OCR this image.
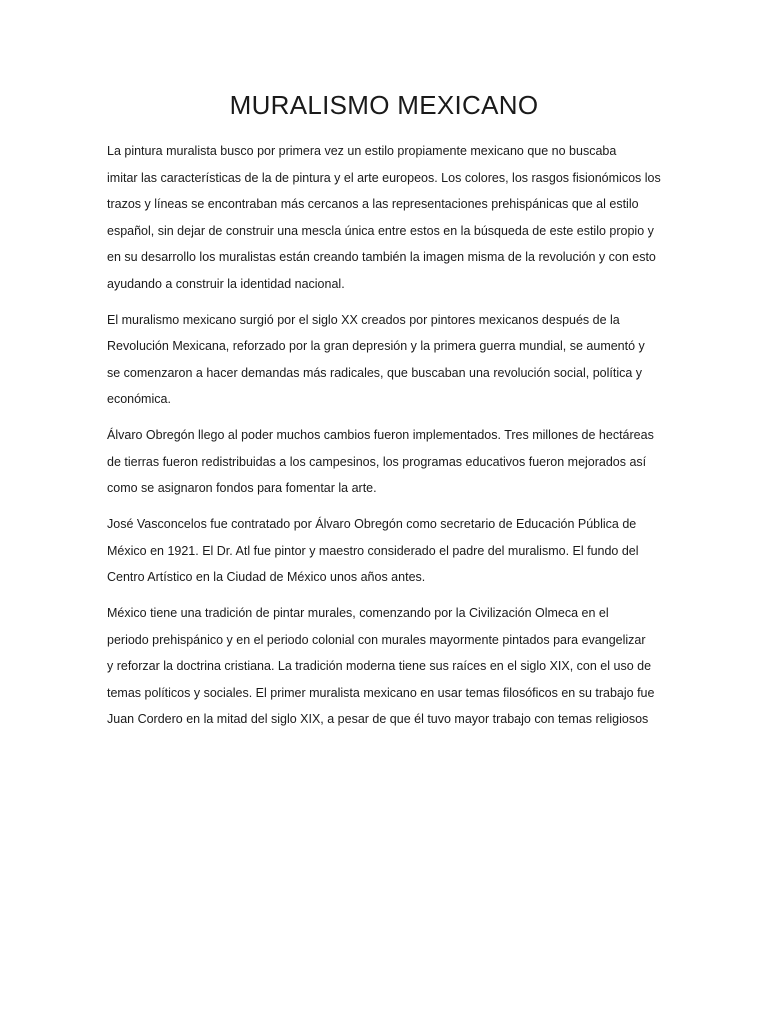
MURALISMO MEXICANO

La pintura muralista busco por primera vez un estilo propiamente mexicano que no buscaba
imitar las características de la de pintura y el arte europeos. Los colores, los rasgos fisionómicos los
trazos y líneas se encontraban más cercanos a las representaciones prehispánicas que al estilo
español, sin dejar de construir una mescla única entre estos en la búsqueda de este estilo propio y
en su desarrollo los muralistas están creando también la imagen misma de la revolución y con esto
ayudando a construir la identidad nacional.

El muralismo mexicano surgió por el siglo XX creados por pintores mexicanos después de la
Revolución Mexicana, reforzado por la gran depresión y la primera guerra mundial, se aumentó y
se comenzaron a hacer demandas más radicales, que buscaban una revolución social, política y
económica.

Álvaro Obregón llego al poder muchos cambios fueron implementados. Tres millones de hectáreas
de tierras fueron redistribuidas a los campesinos, los programas educativos fueron mejorados así
como se asignaron fondos para fomentar la arte.

José Vasconcelos fue contratado por Álvaro Obregón como secretario de Educación Pública de
México en 1921. El Dr. Atl fue pintor y maestro considerado el padre del muralismo. El fundo del
Centro Artístico en la Ciudad de México unos años antes.

México tiene una tradición de pintar murales, comenzando por la Civilización Olmeca en el
periodo prehispánico y en el periodo colonial con murales mayormente pintados para evangelizar
y reforzar la doctrina cristiana. La tradición moderna tiene sus raíces en el siglo XIX, con el uso de
temas políticos y sociales. El primer muralista mexicano en usar temas filosóficos en su trabajo fue
Juan Cordero en la mitad del siglo XIX, a pesar de que él tuvo mayor trabajo con temas religiosos
